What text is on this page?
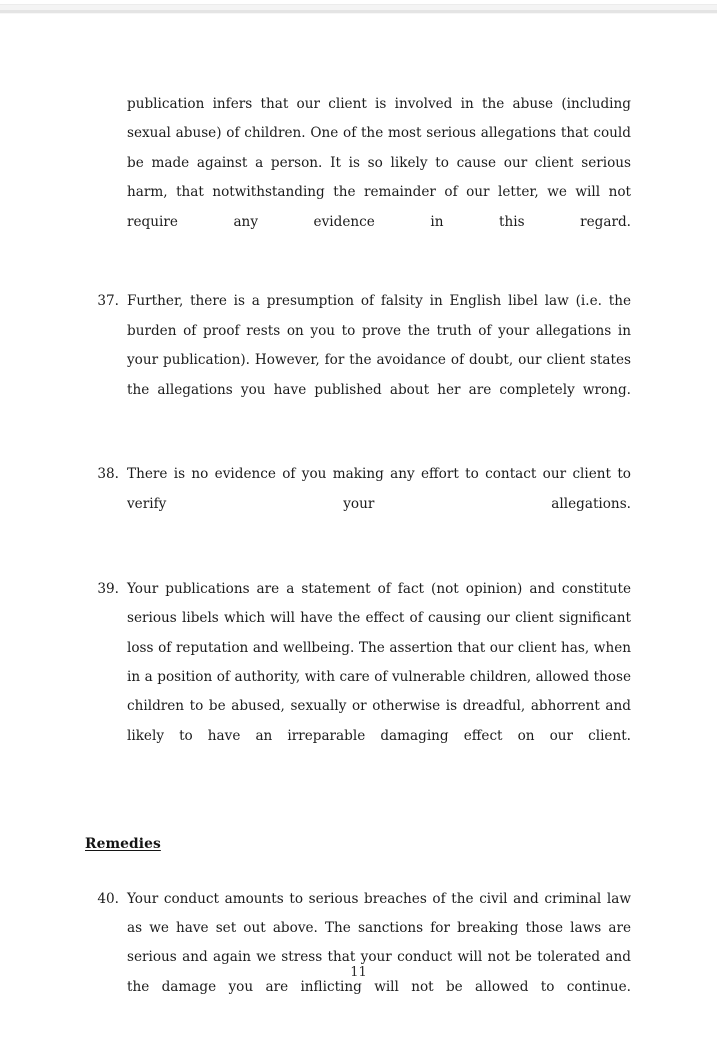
publication infers that our client is involved in the abuse (including sexual abuse) of children. One of the most serious allegations that could be made against a person. It is so likely to cause our client serious harm, that notwithstanding the remainder of our letter, we will not require any evidence in this regard.

37. Further, there is a presumption of falsity in English libel law (i.e. the burden of proof rests on you to prove the truth of your allegations in your publication). However, for the avoidance of doubt, our client states the allegations you have published about her are completely wrong.

38. There is no evidence of you making any effort to contact our client to verify your allegations.

39. Your publications are a statement of fact (not opinion) and constitute serious libels which will have the effect of causing our client significant loss of reputation and wellbeing. The assertion that our client has, when in a position of authority, with care of vulnerable children, allowed those children to be abused, sexually or otherwise is dreadful, abhorrent and likely to have an irreparable damaging effect on our client.

Remedies

40. Your conduct amounts to serious breaches of the civil and criminal law as we have set out above. The sanctions for breaking those laws are serious and again we stress that your conduct will not be tolerated and the damage you are inflicting will not be allowed to continue.

11
